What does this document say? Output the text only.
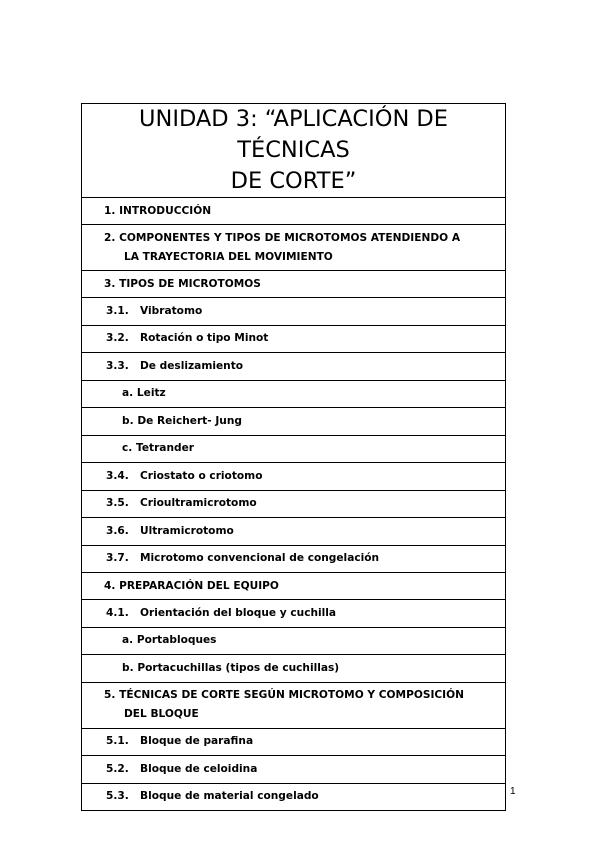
UNIDAD 3: “APLICACIÓN DE TÉCNICAS
DE CORTE”

1. INTRODUCCIÓN

2. COMPONENTES Y TIPOS DE MICROTOMOS ATENDIENDO A
LA TRAYECTORIA DEL MOVIMIENTO

3. TIPOS DE MICROTOMOS

3.1. Vibratomo

3.2. Rotación o tipo Minot

3.3. De deslizamiento

a. Leitz

b. De Reichert- Jung

c. Tetrander

3.4. Criostato o criotomo

3.5. Crioultramicrotomo

3.6. Ultramicrotomo

3.7. Microtomo convencional de congelación

4. PREPARACIÓN DEL EQUIPO

4.1. Orientación del bloque y cuchilla

a. Portabloques

b. Portacuchillas (tipos de cuchillas)

5. TÉCNICAS DE CORTE SEGÚN MICROTOMO Y COMPOSICIÓN
DEL BLOQUE

5.1. Bloque de parafina

5.2. Bloque de celoidina

5.3. Bloque de material congelado	1
